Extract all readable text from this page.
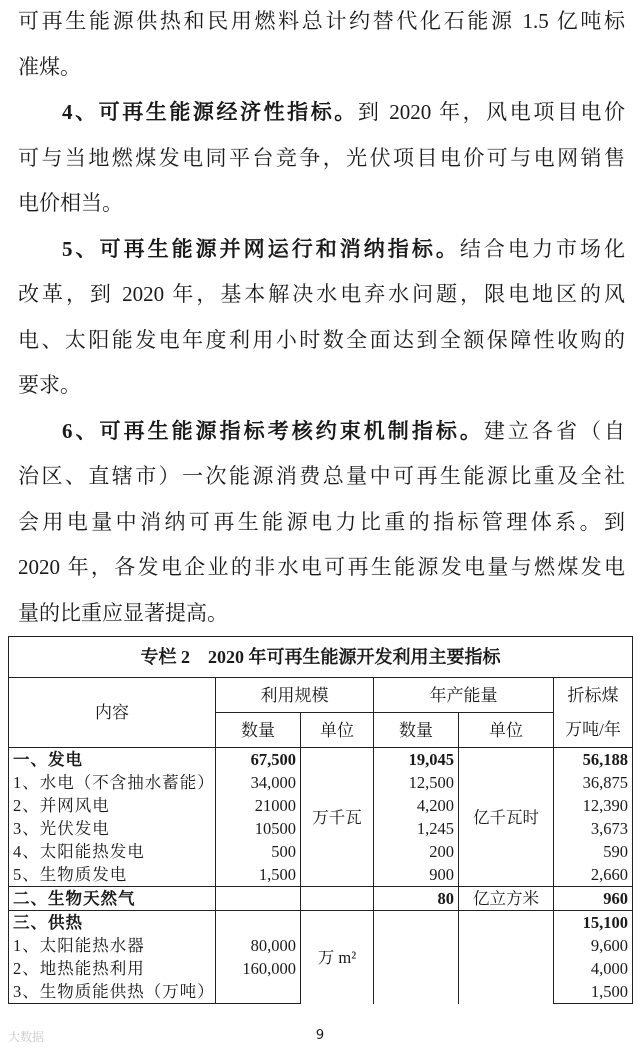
可再生能源供热和民用燃料总计约替代化石能源 1.5 亿吨标
准煤。
4、可再生能源经济性指标。到 2020 年，风电项目电价
可与当地燃煤发电同平台竞争，光伏项目电价可与电网销售
电价相当。
5、可再生能源并网运行和消纳指标。结合电力市场化
改革，到 2020 年，基本解决水电弃水问题，限电地区的风
电、太阳能发电年度利用小时数全面达到全额保障性收购的
要求。
6、可再生能源指标考核约束机制指标。建立各省（自
治区、直辖市）一次能源消费总量中可再生能源比重及全社
会用电量中消纳可再生能源电力比重的指标管理体系。到
2020 年，各发电企业的非水电可再生能源发电量与燃煤发电
量的比重应显著提高。
专栏 2　2020 年可再生能源开发利用主要指标					
内容	利用规模		年产能量		折标煤
	数量	单位	数量	单位	万吨/年
一、发电	67,500	万千瓦	19,045	亿千瓦时	56,188
1、水电（不含抽水蓄能）	34,000		12,500		36,875
2、并网风电	21000		4,200		12,390
3、光伏发电	10500		1,245		3,673
4、太阳能热发电	500		200		590
5、生物质发电	1,500		900		2,660
二、生物天然气			80	亿立方米	960
三、供热		万 m²			15,100
1、太阳能热水器	80,000				9,600
2、地热能热利用	160,000				4,000
3、生物质能供热（万吨）					1,500
大数据	9
